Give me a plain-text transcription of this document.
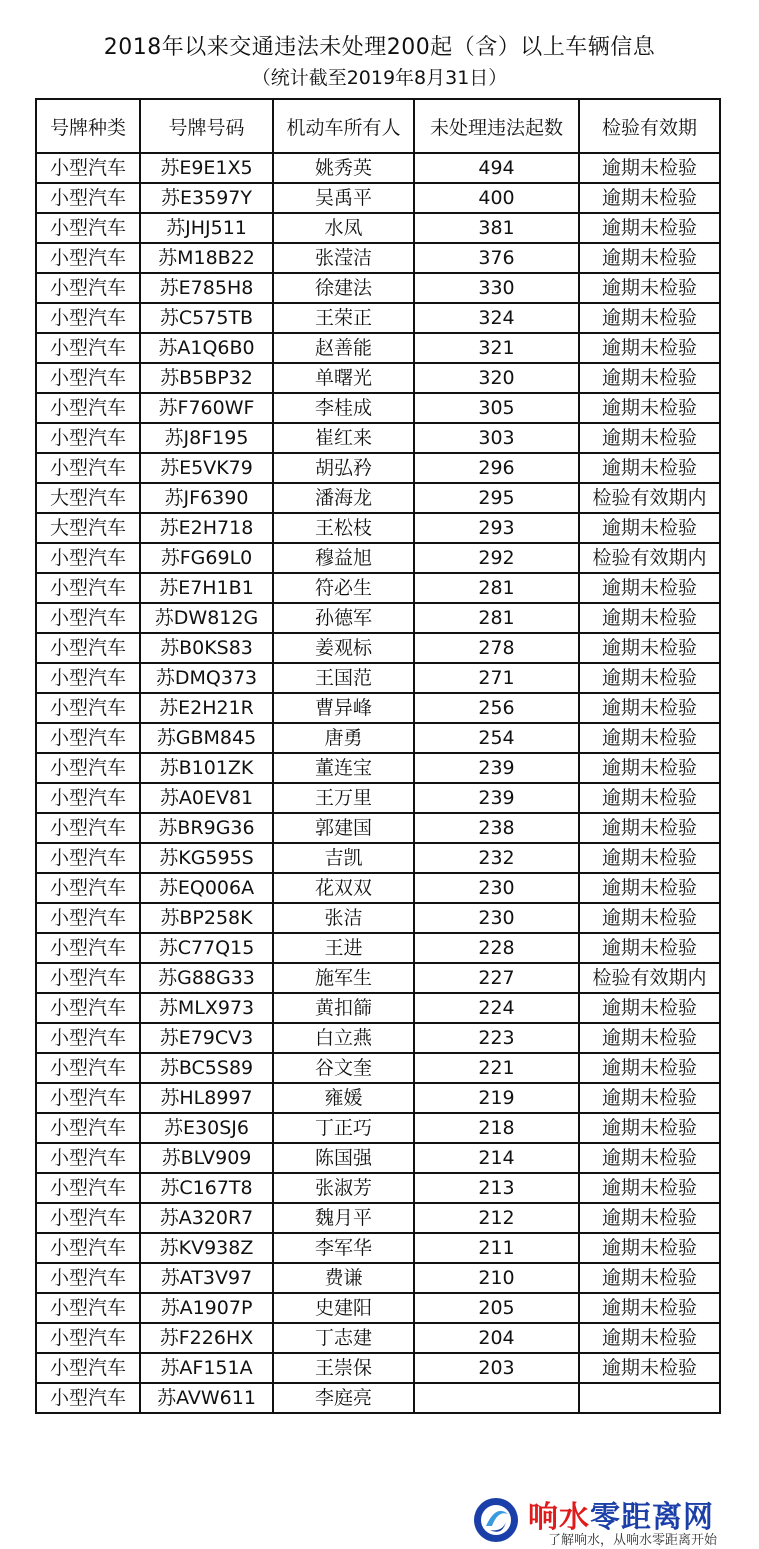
2018年以来交通违法未处理200起（含）以上车辆信息
（统计截至2019年8月31日）
号牌种类	号牌号码	机动车所有人	未处理违法起数	检验有效期
小型汽车	苏E9E1X5	姚秀英	494	逾期未检验
小型汽车	苏E3597Y	吴禹平	400	逾期未检验
小型汽车	苏JHJ511	水凤	381	逾期未检验
小型汽车	苏M18B22	张滢洁	376	逾期未检验
小型汽车	苏E785H8	徐建法	330	逾期未检验
小型汽车	苏C575TB	王荣正	324	逾期未检验
小型汽车	苏A1Q6B0	赵善能	321	逾期未检验
小型汽车	苏B5BP32	单曙光	320	逾期未检验
小型汽车	苏F760WF	李桂成	305	逾期未检验
小型汽车	苏J8F195	崔红来	303	逾期未检验
小型汽车	苏E5VK79	胡弘矜	296	逾期未检验
大型汽车	苏JF6390	潘海龙	295	检验有效期内
大型汽车	苏E2H718	王松枝	293	逾期未检验
小型汽车	苏FG69L0	穆益旭	292	检验有效期内
小型汽车	苏E7H1B1	符必生	281	逾期未检验
小型汽车	苏DW812G	孙德军	281	逾期未检验
小型汽车	苏B0KS83	姜观标	278	逾期未检验
小型汽车	苏DMQ373	王国范	271	逾期未检验
小型汽车	苏E2H21R	曹异峰	256	逾期未检验
小型汽车	苏GBM845	唐勇	254	逾期未检验
小型汽车	苏B101ZK	董连宝	239	逾期未检验
小型汽车	苏A0EV81	王万里	239	逾期未检验
小型汽车	苏BR9G36	郭建国	238	逾期未检验
小型汽车	苏KG595S	吉凯	232	逾期未检验
小型汽车	苏EQ006A	花双双	230	逾期未检验
小型汽车	苏BP258K	张洁	230	逾期未检验
小型汽车	苏C77Q15	王进	228	逾期未检验
小型汽车	苏G88G33	施军生	227	检验有效期内
小型汽车	苏MLX973	黄扣篩	224	逾期未检验
小型汽车	苏E79CV3	白立燕	223	逾期未检验
小型汽车	苏BC5S89	谷文奎	221	逾期未检验
小型汽车	苏HL8997	雍媛	219	逾期未检验
小型汽车	苏E30SJ6	丁正巧	218	逾期未检验
小型汽车	苏BLV909	陈国强	214	逾期未检验
小型汽车	苏C167T8	张淑芳	213	逾期未检验
小型汽车	苏A320R7	魏月平	212	逾期未检验
小型汽车	苏KV938Z	李军华	211	逾期未检验
小型汽车	苏AT3V97	费谦	210	逾期未检验
小型汽车	苏A1907P	史建阳	205	逾期未检验
小型汽车	苏F226HX	丁志建	204	逾期未检验
小型汽车	苏AF151A	王崇保	203	逾期未检验
小型汽车	苏AVW611	李庭亮		
响水零距离网
了解响水，从响水零距离开始
